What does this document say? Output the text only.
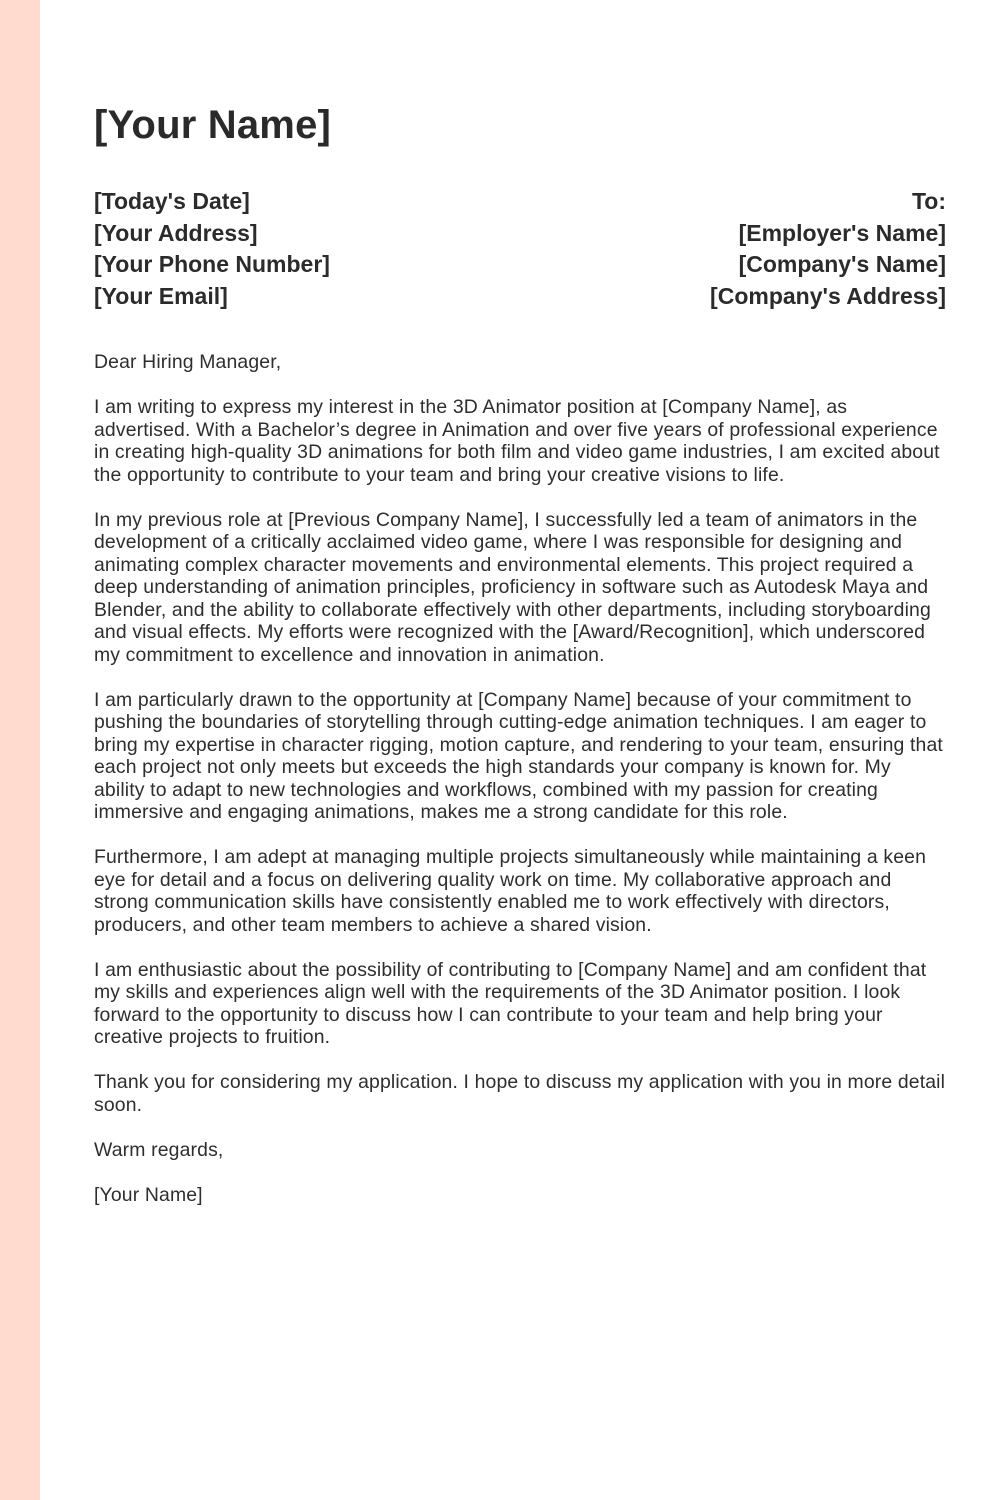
[Your Name]
[Today's Date]
[Your Address]
[Your Phone Number]
[Your Email]
To:
[Employer's Name]
[Company's Name]
[Company's Address]

Dear Hiring Manager,

I am writing to express my interest in the 3D Animator position at [Company Name], as advertised. With a Bachelor’s degree in Animation and over five years of professional experience in creating high-quality 3D animations for both film and video game industries, I am excited about the opportunity to contribute to your team and bring your creative visions to life.

In my previous role at [Previous Company Name], I successfully led a team of animators in the development of a critically acclaimed video game, where I was responsible for designing and animating complex character movements and environmental elements. This project required a deep understanding of animation principles, proficiency in software such as Autodesk Maya and Blender, and the ability to collaborate effectively with other departments, including storyboarding and visual effects. My efforts were recognized with the [Award/Recognition], which underscored my commitment to excellence and innovation in animation.

I am particularly drawn to the opportunity at [Company Name] because of your commitment to pushing the boundaries of storytelling through cutting-edge animation techniques. I am eager to bring my expertise in character rigging, motion capture, and rendering to your team, ensuring that each project not only meets but exceeds the high standards your company is known for. My ability to adapt to new technologies and workflows, combined with my passion for creating immersive and engaging animations, makes me a strong candidate for this role.

Furthermore, I am adept at managing multiple projects simultaneously while maintaining a keen eye for detail and a focus on delivering quality work on time. My collaborative approach and strong communication skills have consistently enabled me to work effectively with directors, producers, and other team members to achieve a shared vision.

I am enthusiastic about the possibility of contributing to [Company Name] and am confident that my skills and experiences align well with the requirements of the 3D Animator position. I look forward to the opportunity to discuss how I can contribute to your team and help bring your creative projects to fruition.

Thank you for considering my application. I hope to discuss my application with you in more detail soon.

Warm regards,

[Your Name]
